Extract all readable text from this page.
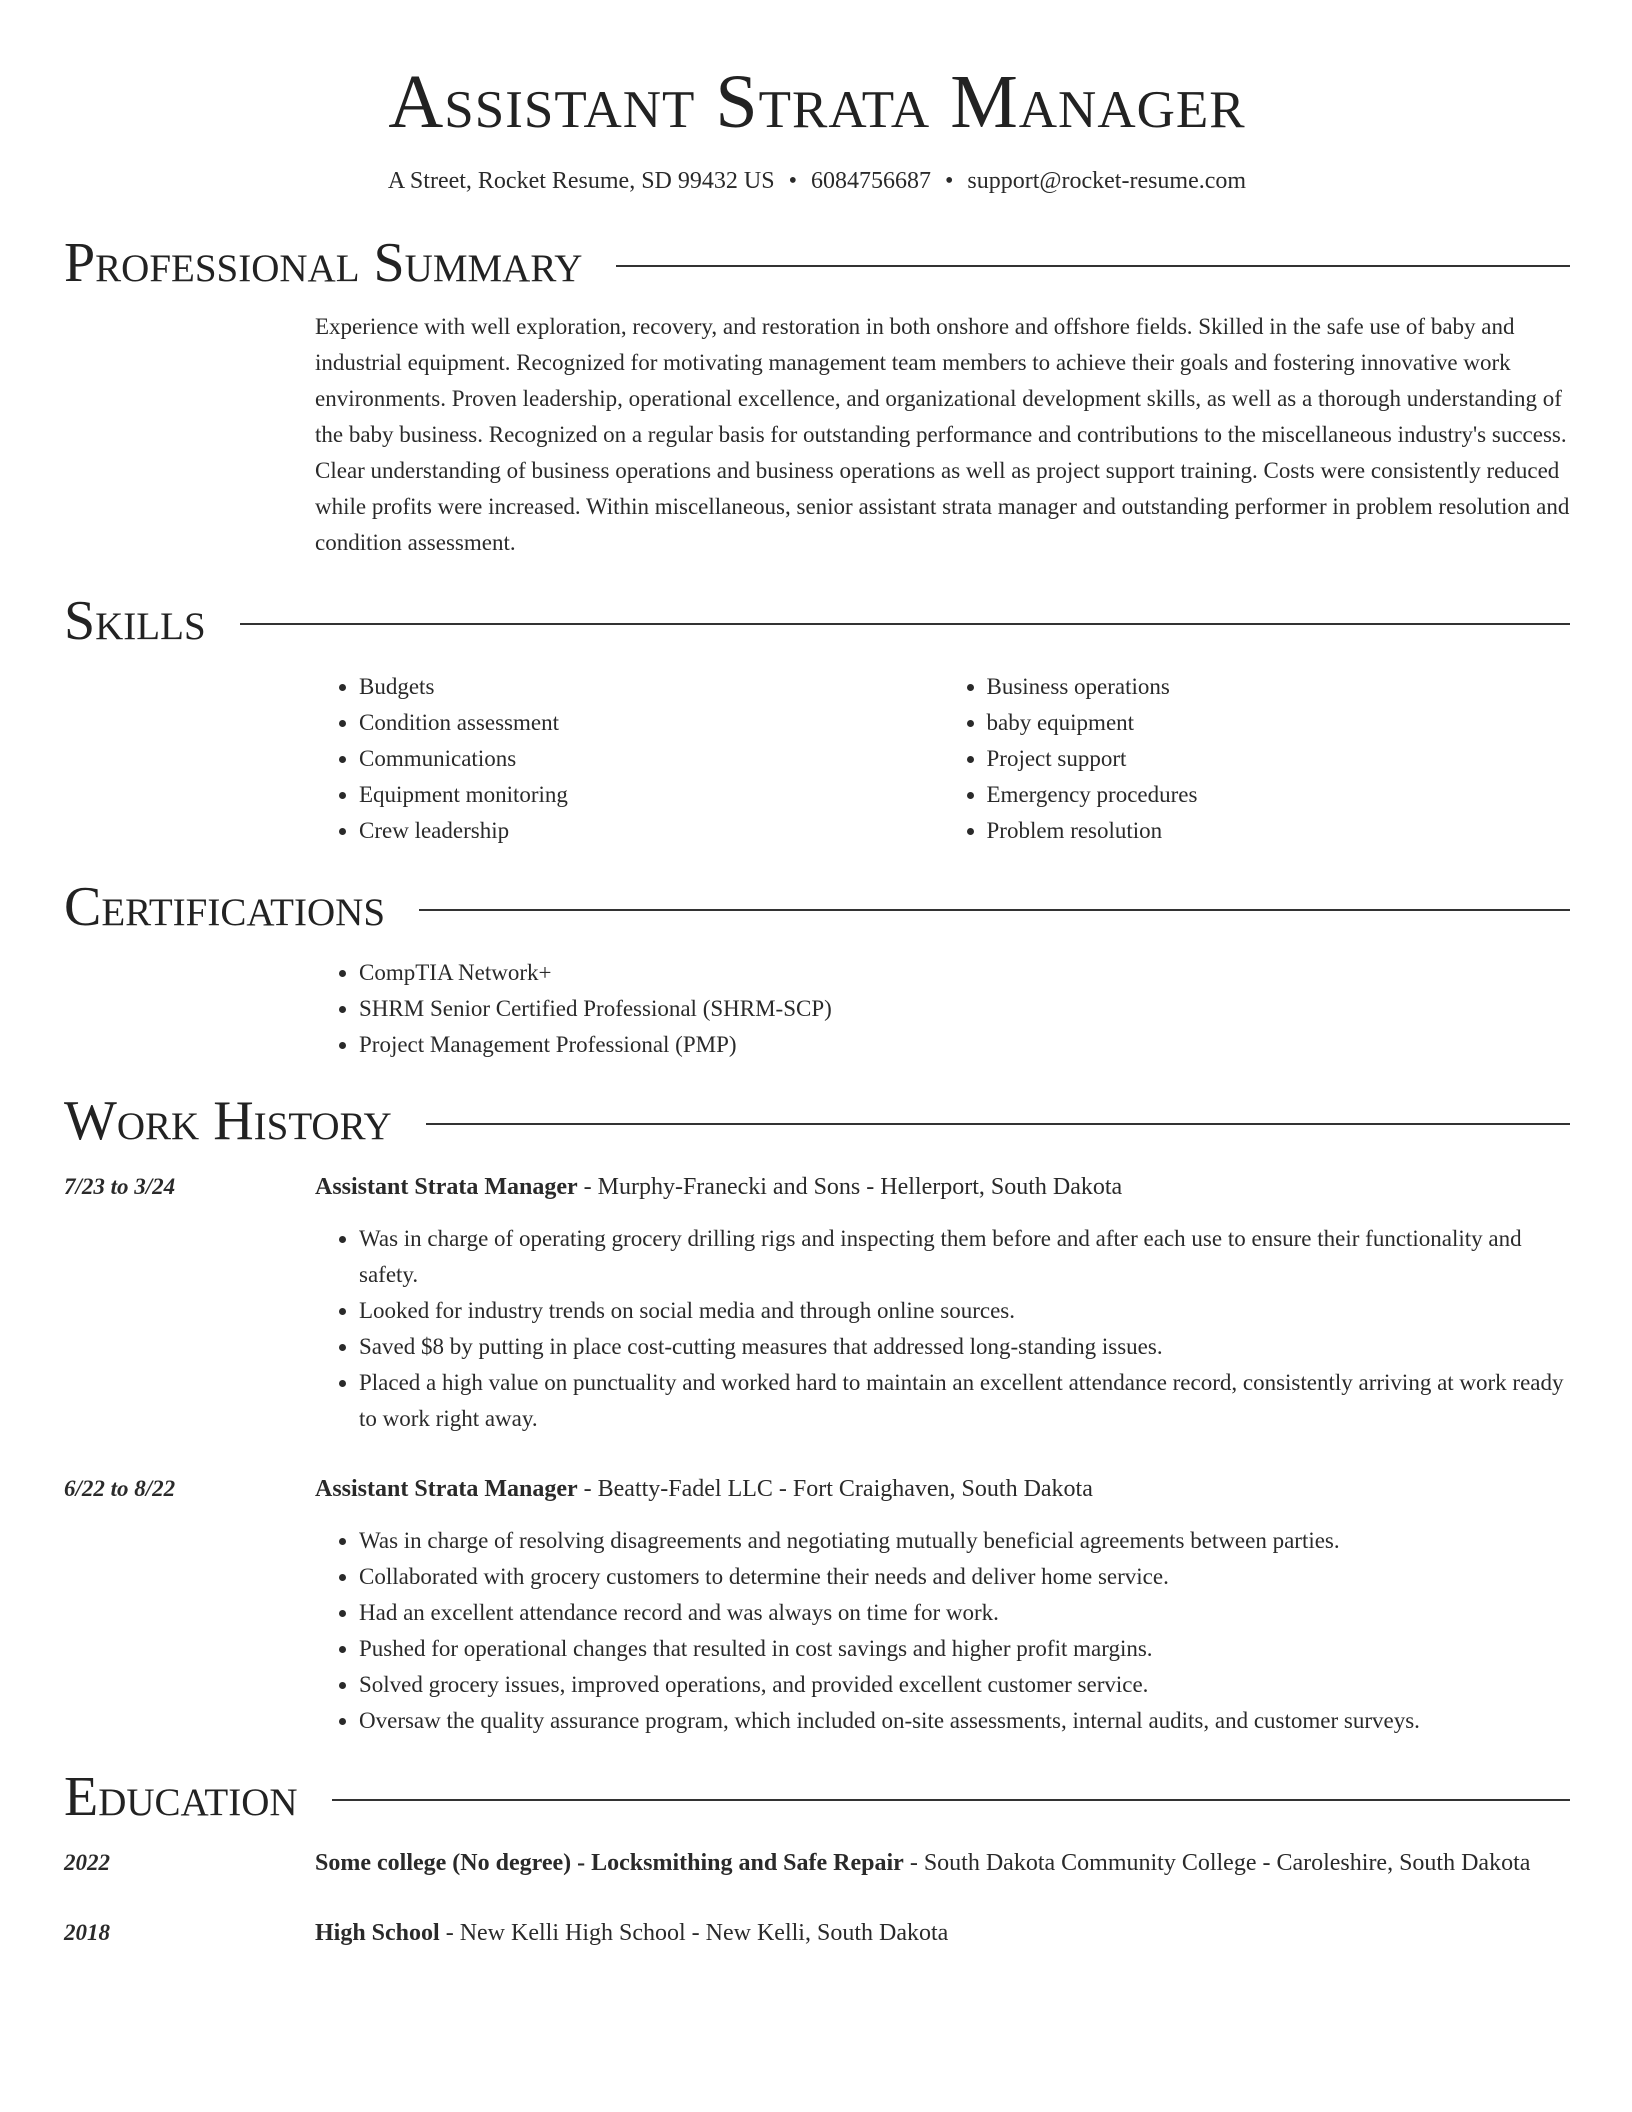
Assistant Strata Manager
A Street, Rocket Resume, SD 99432 US • 6084756687 • support@rocket-resume.com
Professional Summary
Experience with well exploration, recovery, and restoration in both onshore and offshore fields. Skilled in the safe use of baby and industrial equipment. Recognized for motivating management team members to achieve their goals and fostering innovative work environments. Proven leadership, operational excellence, and organizational development skills, as well as a thorough understanding of the baby business. Recognized on a regular basis for outstanding performance and contributions to the miscellaneous industry's success. Clear understanding of business operations and business operations as well as project support training. Costs were consistently reduced while profits were increased. Within miscellaneous, senior assistant strata manager and outstanding performer in problem resolution and condition assessment.
Skills
• Budgets
• Condition assessment
• Communications
• Equipment monitoring
• Crew leadership
• Business operations
• baby equipment
• Project support
• Emergency procedures
• Problem resolution
Certifications
• CompTIA Network+
• SHRM Senior Certified Professional (SHRM-SCP)
• Project Management Professional (PMP)
Work History
7/23 to 3/24	Assistant Strata Manager - Murphy-Franecki and Sons - Hellerport, South Dakota
• Was in charge of operating grocery drilling rigs and inspecting them before and after each use to ensure their functionality and safety.
• Looked for industry trends on social media and through online sources.
• Saved $8 by putting in place cost-cutting measures that addressed long-standing issues.
• Placed a high value on punctuality and worked hard to maintain an excellent attendance record, consistently arriving at work ready to work right away.
6/22 to 8/22	Assistant Strata Manager - Beatty-Fadel LLC - Fort Craighaven, South Dakota
• Was in charge of resolving disagreements and negotiating mutually beneficial agreements between parties.
• Collaborated with grocery customers to determine their needs and deliver home service.
• Had an excellent attendance record and was always on time for work.
• Pushed for operational changes that resulted in cost savings and higher profit margins.
• Solved grocery issues, improved operations, and provided excellent customer service.
• Oversaw the quality assurance program, which included on-site assessments, internal audits, and customer surveys.
Education
2022	Some college (No degree) - Locksmithing and Safe Repair - South Dakota Community College - Caroleshire, South Dakota
2018	High School - New Kelli High School - New Kelli, South Dakota
